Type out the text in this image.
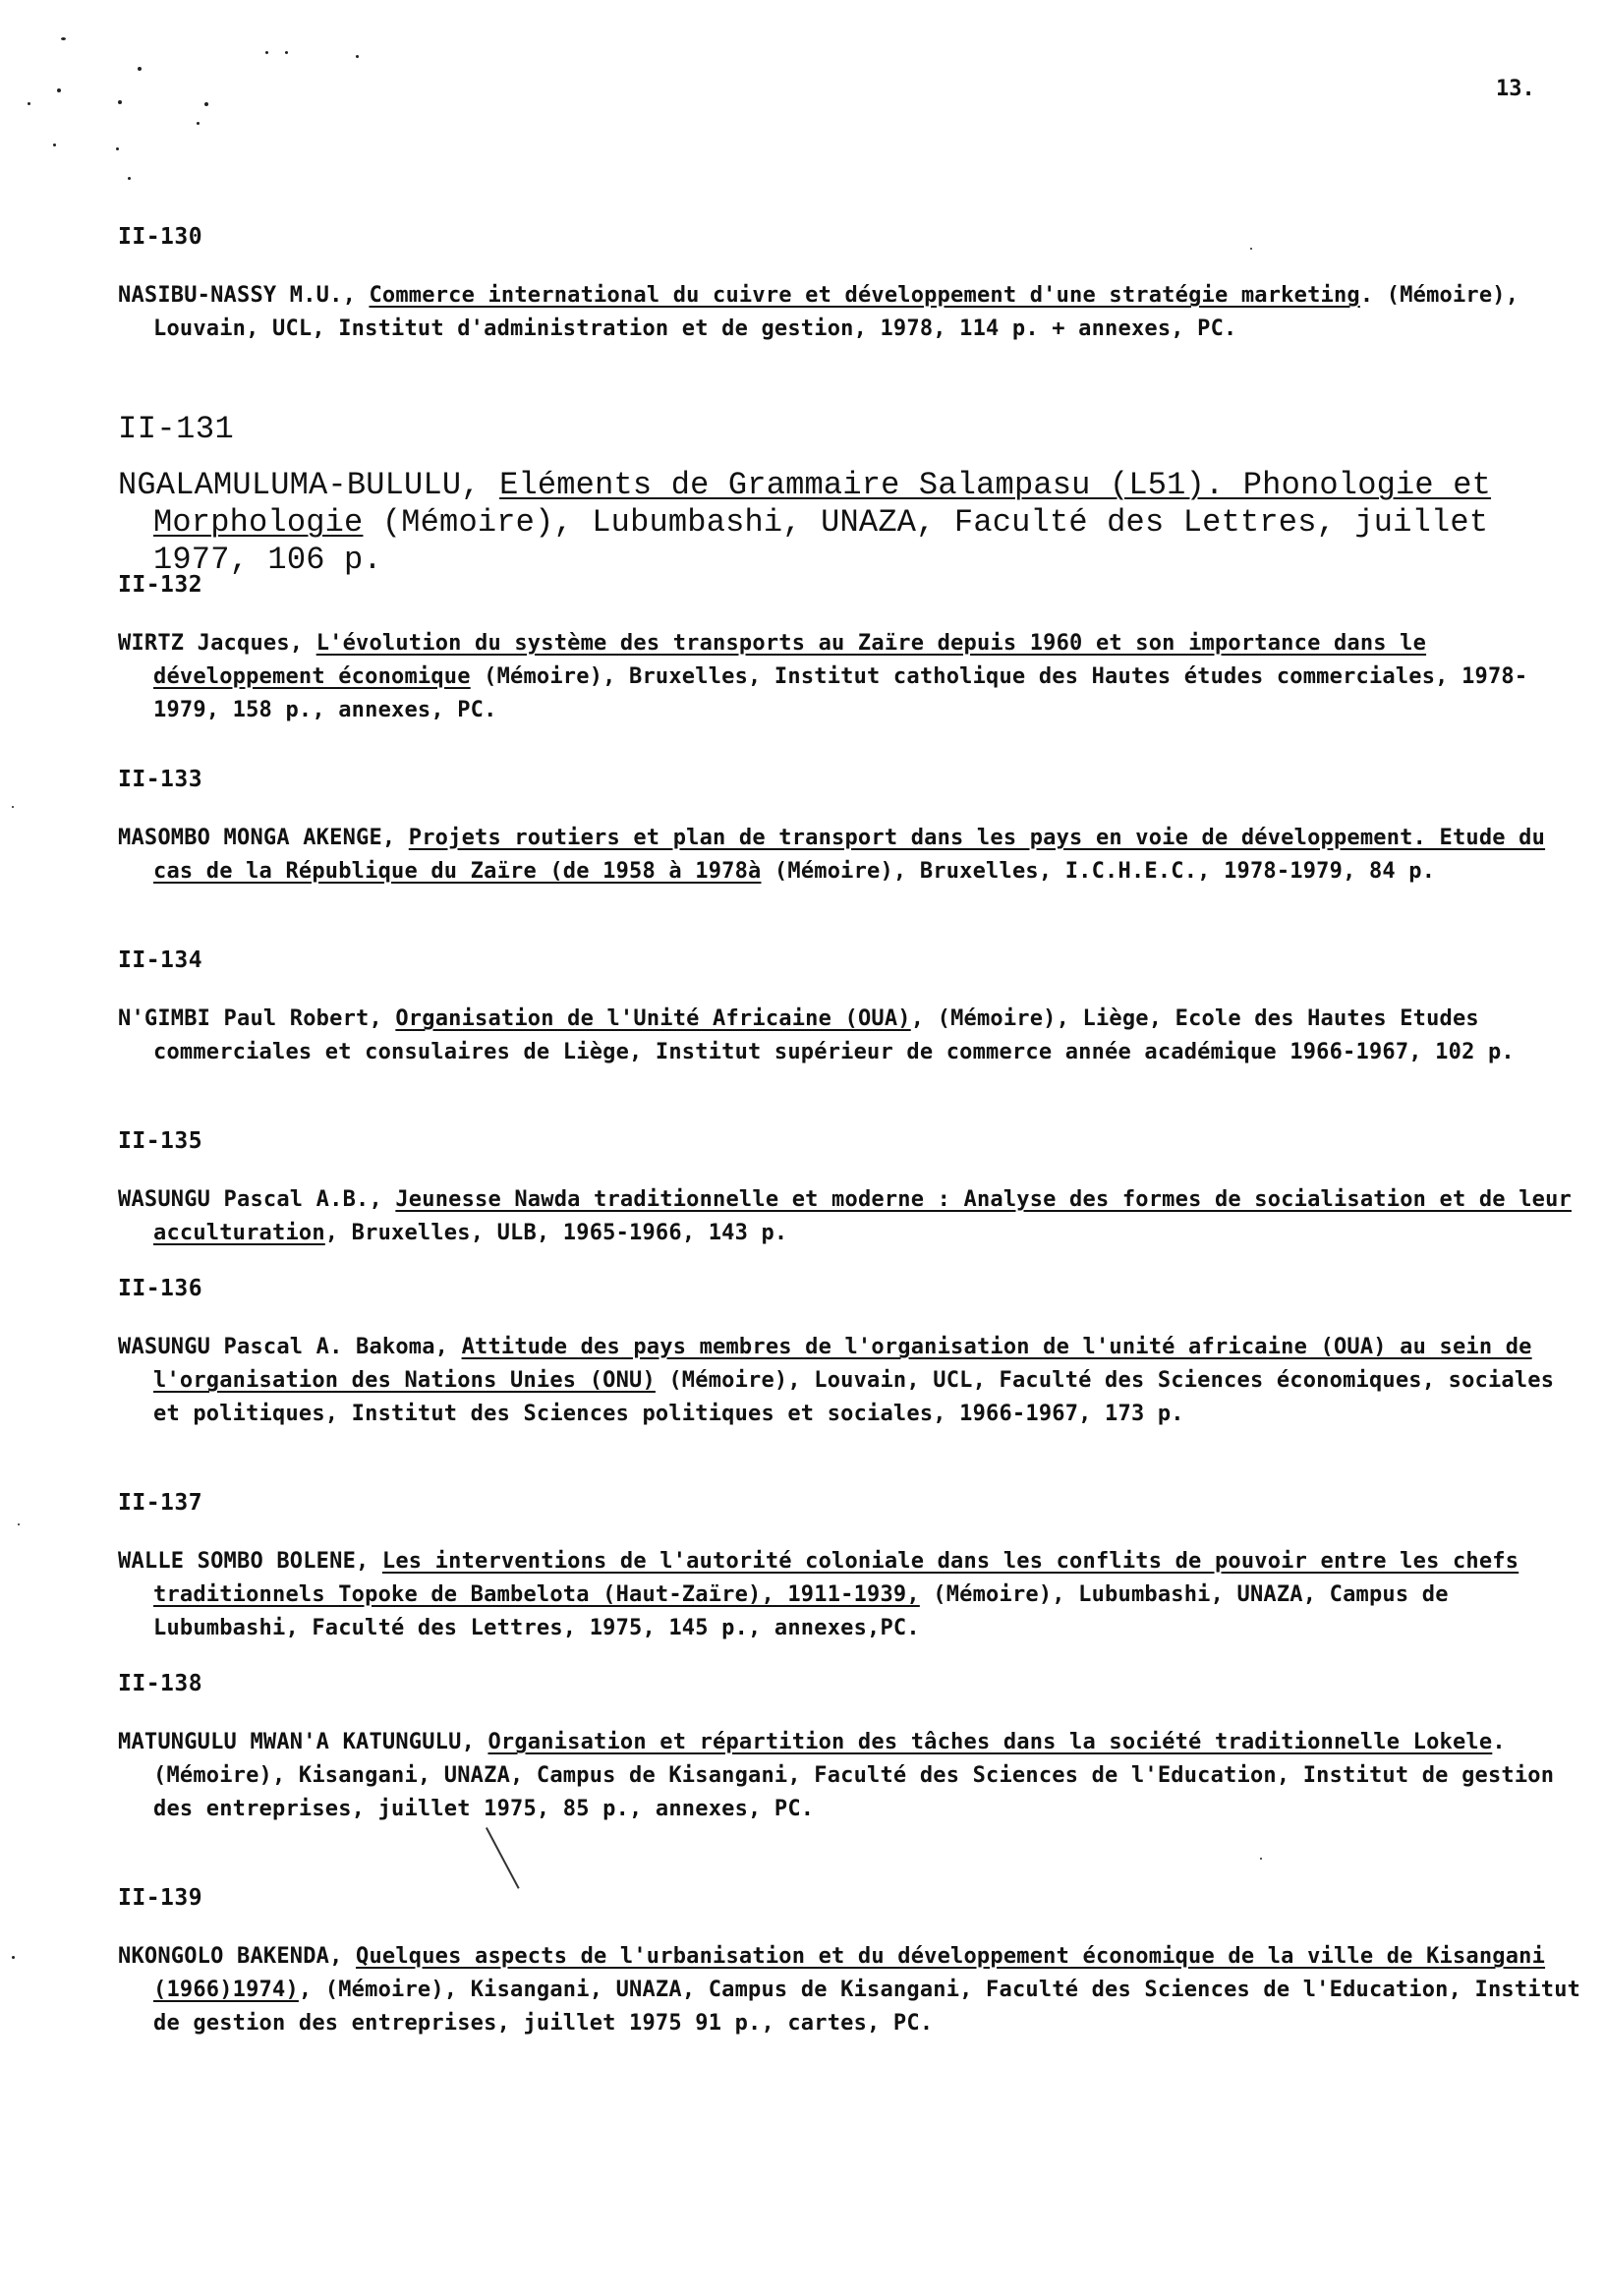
13.
II-130
NASIBU-NASSY M.U., Commerce international du cuivre et développement d'une stratégie marketing. (Mémoire), Louvain, UCL, Institut d'administration et de gestion, 1978, 114 p. + annexes, PC.
II-131
NGALAMULUMA-BULULU, Eléments de Grammaire Salampasu (L51). Phonologie et Morphologie (Mémoire), Lubumbashi, UNAZA, Faculté des Lettres, juillet 1977, 106 p.
II-132
WIRTZ Jacques, L'évolution du système des transports au Zaïre depuis 1960 et son importance dans le développement économique (Mémoire), Bruxelles, Institut catholique des Hautes études commerciales, 1978-1979, 158 p., annexes, PC.
II-133
MASOMBO MONGA AKENGE, Projets routiers et plan de transport dans les pays en voie de développement. Etude du cas de la République du Zaïre (de 1958 à 1978à (Mémoire), Bruxelles, I.C.H.E.C., 1978-1979, 84 p.
II-134
N'GIMBI Paul Robert, Organisation de l'Unité Africaine (OUA), (Mémoire), Liège, Ecole des Hautes Etudes commerciales et consulaires de Liège, Institut supérieur de commerce année académique 1966-1967, 102 p.
II-135
WASUNGU Pascal A.B., Jeunesse Nawda traditionnelle et moderne : Analyse des formes de socialisation et de leur acculturation, Bruxelles, ULB, 1965-1966, 143 p.
II-136
WASUNGU Pascal A. Bakoma, Attitude des pays membres de l'organisation de l'unité africaine (OUA) au sein de l'organisation des Nations Unies (ONU) (Mémoire), Louvain, UCL, Faculté des Sciences économiques, sociales et politiques, Institut des Sciences politiques et sociales, 1966-1967, 173 p.
II-137
WALLE SOMBO BOLENE, Les interventions de l'autorité coloniale dans les conflits de pouvoir entre les chefs traditionnels Topoke de Bambelota (Haut-Zaïre), 1911-1939, (Mémoire), Lubumbashi, UNAZA, Campus de Lubumbashi, Faculté des Lettres, 1975, 145 p., annexes,PC.
II-138
MATUNGULU MWAN'A KATUNGULU, Organisation et répartition des tâches dans la société traditionnelle Lokele. (Mémoire), Kisangani, UNAZA, Campus de Kisangani, Faculté des Sciences de l'Education, Institut de gestion des entreprises, juillet 1975, 85 p., annexes, PC.
II-139
NKONGOLO BAKENDA, Quelques aspects de l'urbanisation et du développement économique de la ville de Kisangani (1966)1974), (Mémoire), Kisangani, UNAZA, Campus de Kisangani, Faculté des Sciences de l'Education, Institut de gestion des entreprises, juillet 1975 91 p., cartes, PC.
